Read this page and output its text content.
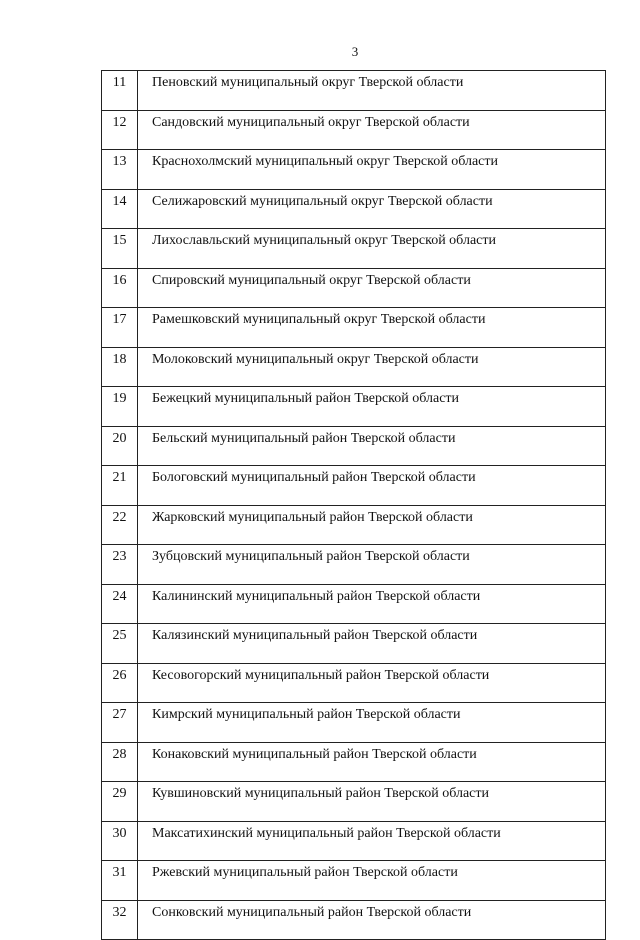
3
11	Пеновский муниципальный округ Тверской области
12	Сандовский муниципальный округ Тверской области
13	Краснохолмский муниципальный округ Тверской области
14	Селижаровский муниципальный округ Тверской области
15	Лихославльский муниципальный округ Тверской области
16	Спировский муниципальный округ Тверской области
17	Рамешковский муниципальный округ Тверской области
18	Молоковский муниципальный округ Тверской области
19	Бежецкий муниципальный район Тверской области
20	Бельский муниципальный район Тверской области
21	Бологовский муниципальный район Тверской области
22	Жарковский муниципальный район Тверской области
23	Зубцовский муниципальный район Тверской области
24	Калининский муниципальный район Тверской области
25	Калязинский муниципальный район Тверской области
26	Кесовогорский муниципальный район Тверской области
27	Кимрский муниципальный район Тверской области
28	Конаковский муниципальный район Тверской области
29	Кувшиновский муниципальный район Тверской области
30	Максатихинский муниципальный район Тверской области
31	Ржевский муниципальный район Тверской области
32	Сонковский муниципальный район Тверской области
